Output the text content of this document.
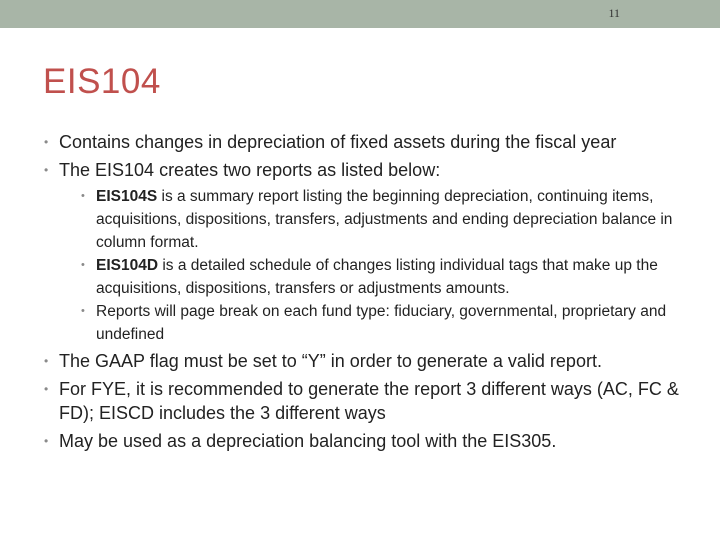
11
EIS104
• Contains changes in depreciation of fixed assets during the fiscal year
• The EIS104 creates two reports as listed below:
• EIS104S is a summary report listing the beginning depreciation, continuing items, acquisitions, dispositions, transfers, adjustments and ending depreciation balance in column format.
• EIS104D is a detailed schedule of changes listing individual tags that make up the acquisitions, dispositions, transfers or adjustments amounts.
• Reports will page break on each fund type: fiduciary, governmental, proprietary and undefined
• The GAAP flag must be set to “Y” in order to generate a valid report.
• For FYE, it is recommended to generate the report 3 different ways (AC, FC & FD); EISCD includes the 3 different ways
• May be used as a depreciation balancing tool with the EIS305.
